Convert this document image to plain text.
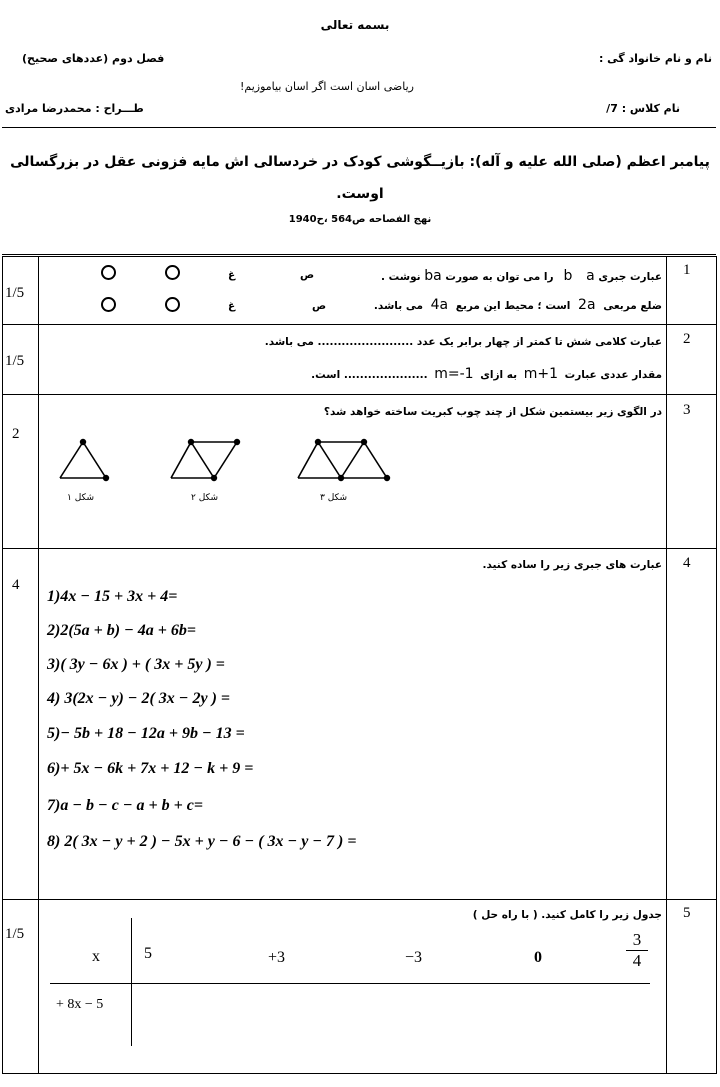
بسمه تعالی
نام و نام خانواد گی :
فصل دوم (عددهای صحیح)
ریاضی اسان است اگر اسان بیاموزیم!
نام کلاس : 7/
طـــراح : محمدرضا مرادی
پیامبر اعظم (صلی الله علیه و آله): بازیــگوشی کودک در خردسالی اش مایه فزونی عقل در بزرگسالی
اوست.
نهج الفصاحه ص564 ،ح1940
1
1/5
عبارت جبری b aرا می توان به صورت ba نوشت .
ضلع مربعی 2a است ؛ محیط این مربع 4a می باشد.
ص
ص
غ
غ
2
1/5
عبارت کلامی شش تا کمتر از چهار برابر یک عدد ........................ می باشد.
مقدار عددی عبارت m+1 به ازای m=-1 ..................... است.
3
2
در الگوی زیر بیستمین شکل از چند چوب کبریت ساخته خواهد شد؟
شکل ۱	شکل ۲	شکل ۳
4
4
عبارت های جبری زیر را ساده کنید.
1)4x − 15 + 3x + 4=
2)2(5a + b) − 4a + 6b=
3)( 3y − 6x ) + ( 3x + 5y ) =
4) 3(2x − y) − 2( 3x − 2y ) =
5)− 5b + 18 − 12a + 9b − 13 =
6)+ 5x − 6k + 7x + 12 − k + 9 =
7)a − b − c − a + b + c=
8) 2( 3x − y + 2 ) − 5x + y − 6 − ( 3x − y − 7 ) =
5
1/5
جدول زیر را کامل کنید. ( با راه حل )
x	5	+3	−3	0	$\frac{3}{4}$
+ 8x − 5
